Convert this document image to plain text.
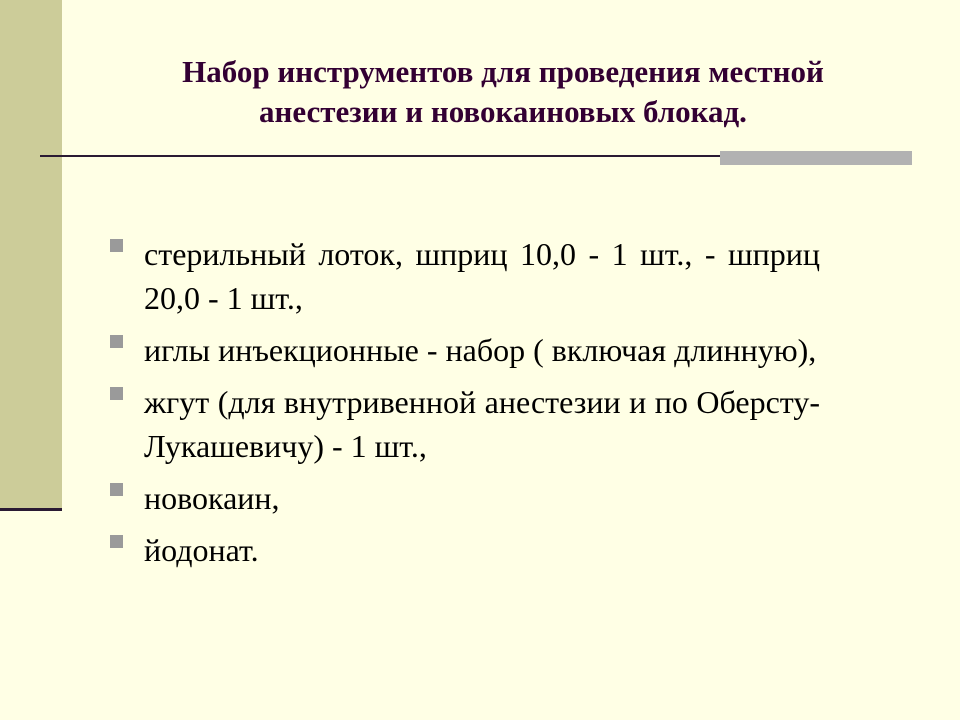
Набор инструментов для проведения местной
анестезии и новокаиновых блокад.
стерильный лоток, шприц 10,0 - 1 шт., - шприц 20,0 - 1 шт.,
иглы инъекционные - набор ( включая длинную),
жгут (для внутривенной анестезии и по Оберсту-Лукашевичу) - 1 шт.,
новокаин,
йодонат.
